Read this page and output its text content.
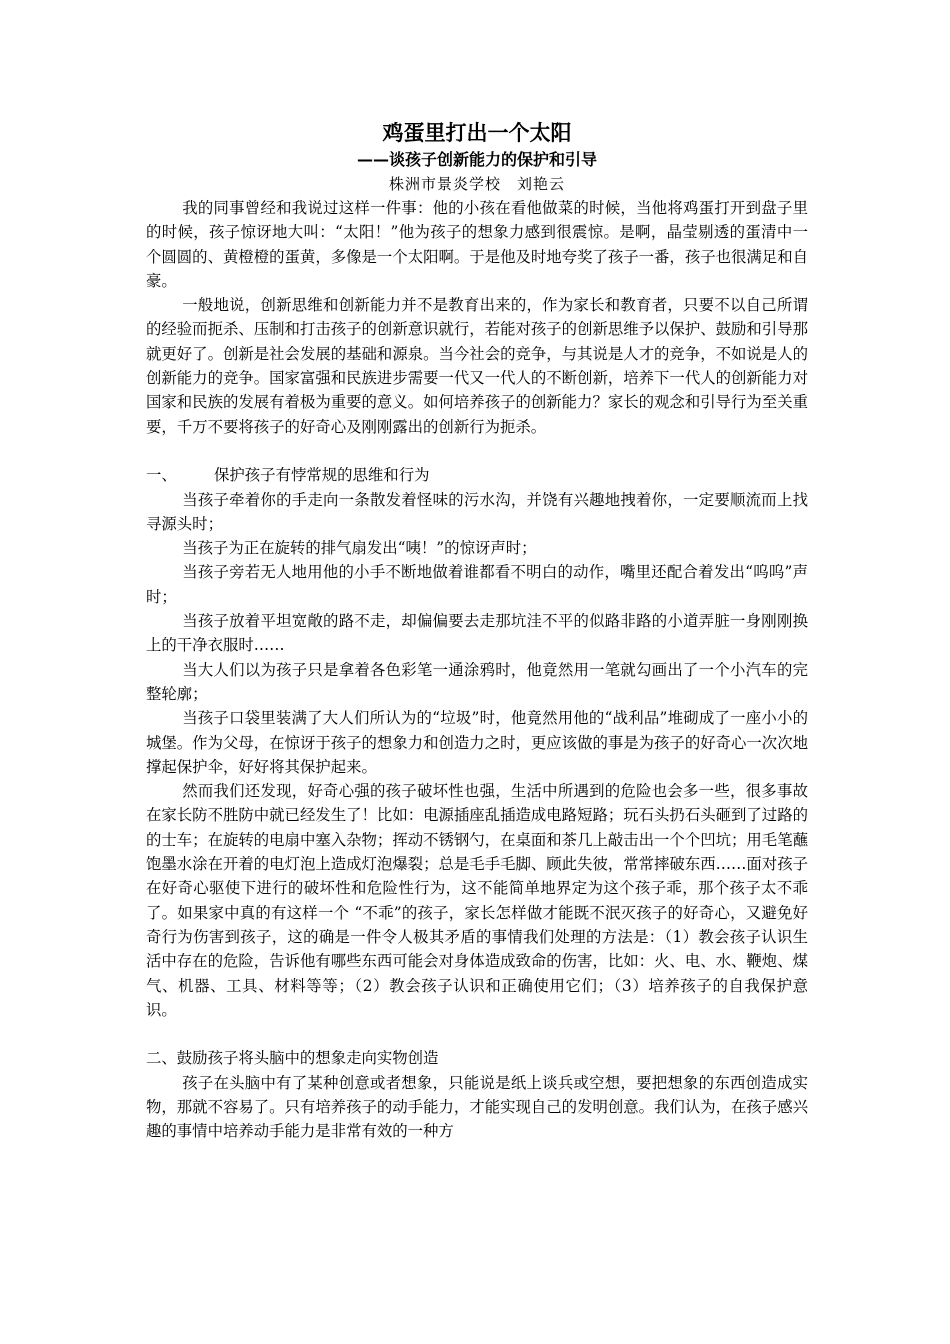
鸡蛋里打出一个太阳
——谈孩子创新能力的保护和引导
株洲市景炎学校　刘艳云

我的同事曾经和我说过这样一件事：他的小孩在看他做菜的时候，当他将鸡蛋打开到盘子里的时候，孩子惊讶地大叫：“太阳！”他为孩子的想象力感到很震惊。是啊，晶莹剔透的蛋清中一个圆圆的、黄橙橙的蛋黄，多像是一个太阳啊。于是他及时地夸奖了孩子一番，孩子也很满足和自豪。

一般地说，创新思维和创新能力并不是教育出来的，作为家长和教育者，只要不以自己所谓的经验而扼杀、压制和打击孩子的创新意识就行，若能对孩子的创新思维予以保护、鼓励和引导那就更好了。创新是社会发展的基础和源泉。当今社会的竞争，与其说是人才的竞争，不如说是人的创新能力的竞争。国家富强和民族进步需要一代又一代人的不断创新，培养下一代人的创新能力对国家和民族的发展有着极为重要的意义。如何培养孩子的创新能力？家长的观念和引导行为至关重要，千万不要将孩子的好奇心及刚刚露出的创新行为扼杀。

一、 保护孩子有悖常规的思维和行为

当孩子牵着你的手走向一条散发着怪味的污水沟，并饶有兴趣地拽着你，一定要顺流而上找寻源头时；

当孩子为正在旋转的排气扇发出“咦！”的惊讶声时；

当孩子旁若无人地用他的小手不断地做着谁都看不明白的动作，嘴里还配合着发出“呜呜”声时；

当孩子放着平坦宽敞的路不走，却偏偏要去走那坑洼不平的似路非路的小道弄脏一身刚刚换上的干净衣服时……

当大人们以为孩子只是拿着各色彩笔一通涂鸦时，他竟然用一笔就勾画出了一个小汽车的完整轮廓；

当孩子口袋里装满了大人们所认为的“垃圾”时，他竟然用他的“战利品”堆砌成了一座小小的城堡。作为父母，在惊讶于孩子的想象力和创造力之时，更应该做的事是为孩子的好奇心一次次地撑起保护伞，好好将其保护起来。

然而我们还发现，好奇心强的孩子破坏性也强，生活中所遇到的危险也会多一些，很多事故在家长防不胜防中就已经发生了！比如：电源插座乱插造成电路短路；玩石头扔石头砸到了过路的的士车；在旋转的电扇中塞入杂物；挥动不锈钢勺，在桌面和茶几上敲击出一个个凹坑；用毛笔蘸饱墨水涂在开着的电灯泡上造成灯泡爆裂；总是毛手毛脚、顾此失彼，常常摔破东西……面对孩子在好奇心驱使下进行的破坏性和危险性行为，这不能简单地界定为这个孩子乖，那个孩子太不乖了。如果家中真的有这样一个 “不乖”的孩子，家长怎样做才能既不泯灭孩子的好奇心，又避免好奇行为伤害到孩子，这的确是一件令人极其矛盾的事情我们处理的方法是：（1）教会孩子认识生活中存在的危险，告诉他有哪些东西可能会对身体造成致命的伤害，比如：火、电、水、鞭炮、煤气、机器、工具、材料等等；（2）教会孩子认识和正确使用它们；（3）培养孩子的自我保护意识。

二、鼓励孩子将头脑中的想象走向实物创造

孩子在头脑中有了某种创意或者想象，只能说是纸上谈兵或空想，要把想象的东西创造成实物，那就不容易了。只有培养孩子的动手能力，才能实现自己的发明创意。我们认为，在孩子感兴趣的事情中培养动手能力是非常有效的一种方
